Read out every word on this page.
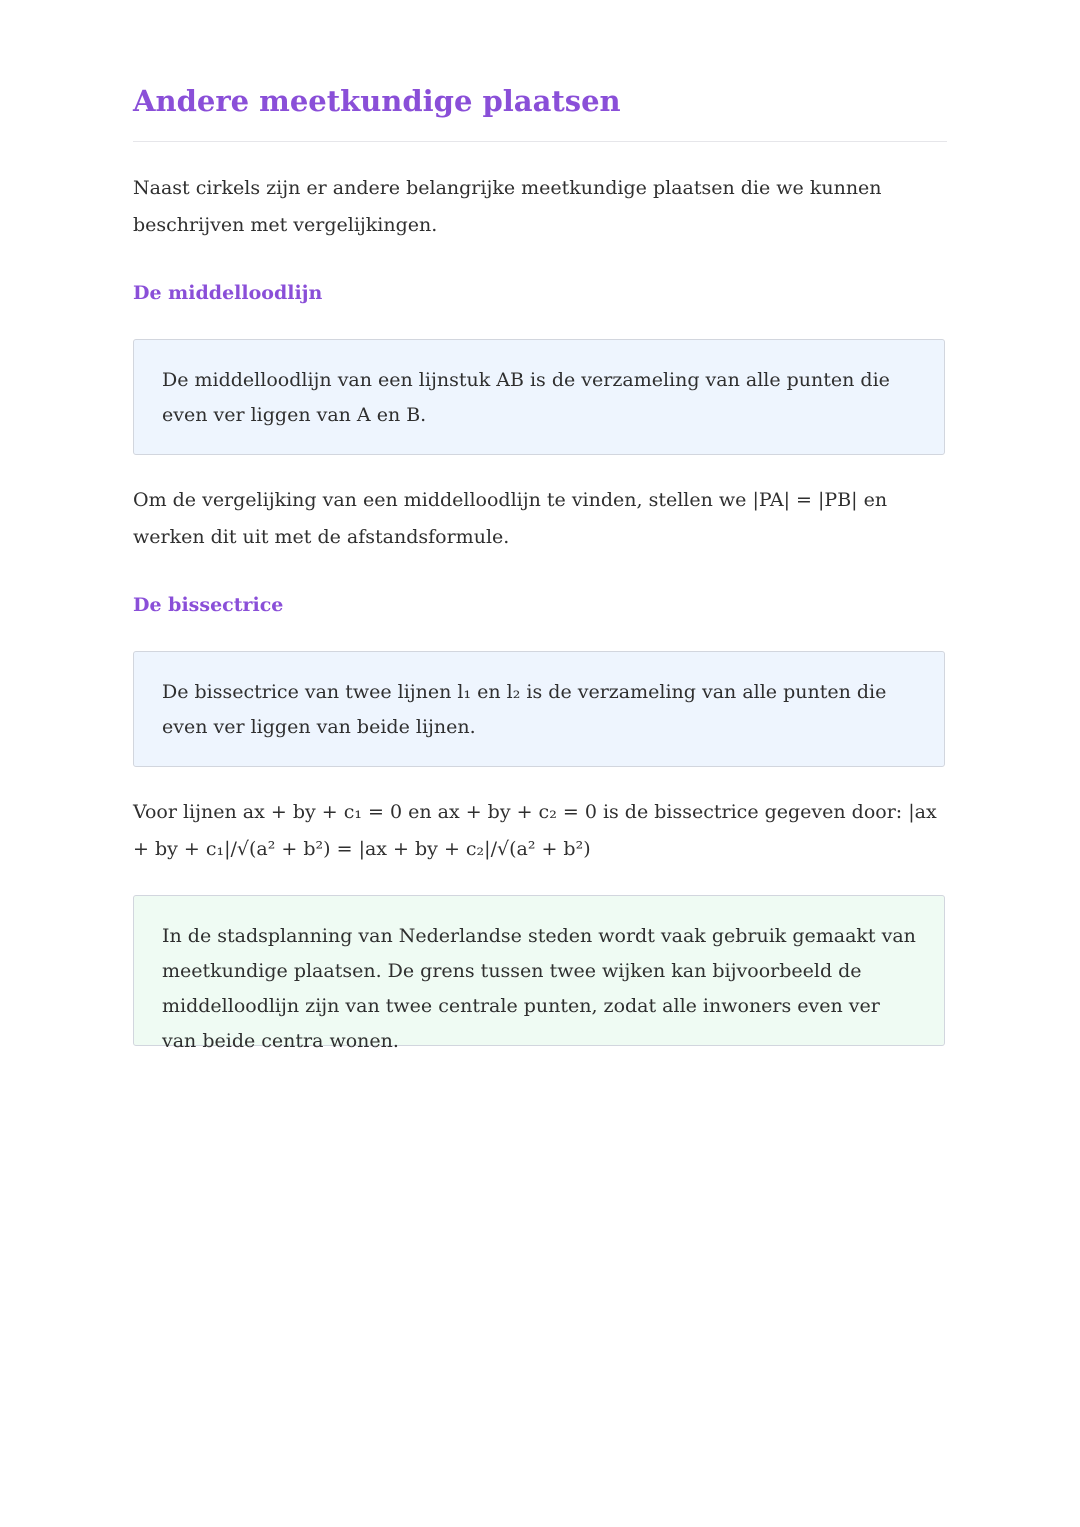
Andere meetkundige plaatsen

Naast cirkels zijn er andere belangrijke meetkundige plaatsen die we kunnen beschrijven met vergelijkingen.

De middelloodlijn

De middelloodlijn van een lijnstuk AB is de verzameling van alle punten die even ver liggen van A en B.

Om de vergelijking van een middelloodlijn te vinden, stellen we |PA| = |PB| en werken dit uit met de afstandsformule.

De bissectrice

De bissectrice van twee lijnen l₁ en l₂ is de verzameling van alle punten die even ver liggen van beide lijnen.

Voor lijnen ax + by + c₁ = 0 en ax + by + c₂ = 0 is de bissectrice gegeven door: |ax + by + c₁|/√(a² + b²) = |ax + by + c₂|/√(a² + b²)

In de stadsplanning van Nederlandse steden wordt vaak gebruik gemaakt van meetkundige plaatsen. De grens tussen twee wijken kan bijvoorbeeld de middelloodlijn zijn van twee centrale punten, zodat alle inwoners even ver van beide centra wonen.
